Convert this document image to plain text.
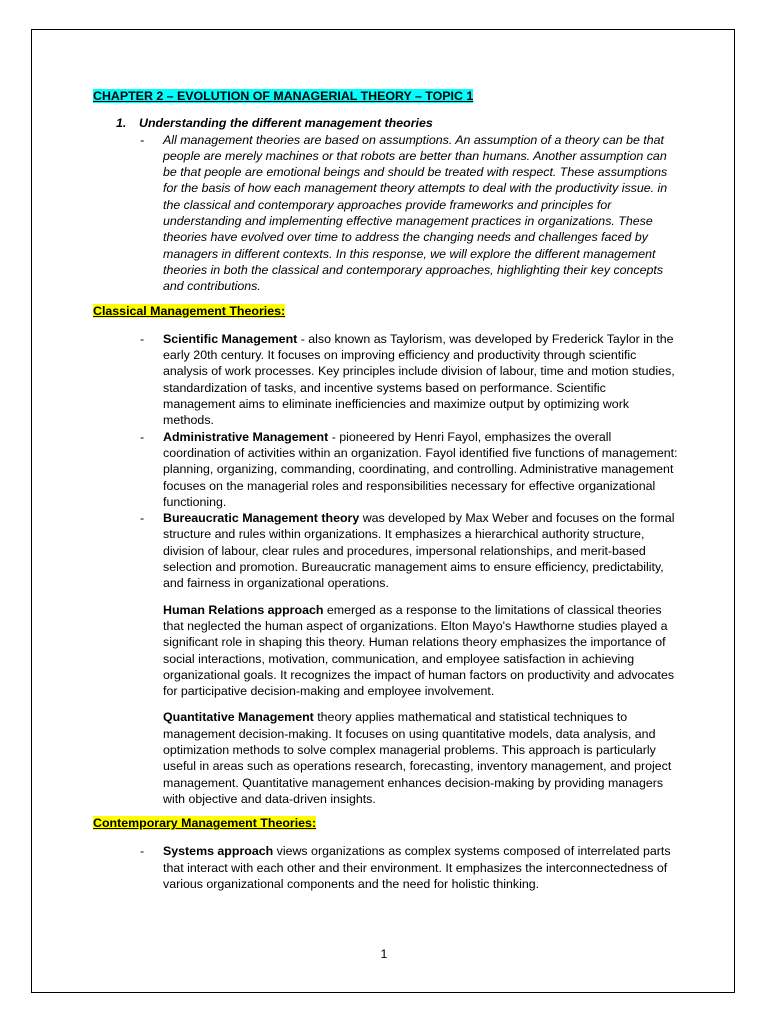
CHAPTER 2 – EVOLUTION OF MANAGERIAL THEORY – TOPIC 1
1. Understanding the different management theories
- All management theories are based on assumptions. An assumption of a theory can be that people are merely machines or that robots are better than humans. Another assumption can be that people are emotional beings and should be treated with respect. These assumptions for the basis of how each management theory attempts to deal with the productivity issue. in the classical and contemporary approaches provide frameworks and principles for understanding and implementing effective management practices in organizations. These theories have evolved over time to address the changing needs and challenges faced by managers in different contexts. In this response, we will explore the different management theories in both the classical and contemporary approaches, highlighting their key concepts and contributions.
Classical Management Theories:
- Scientific Management - also known as Taylorism, was developed by Frederick Taylor in the early 20th century. It focuses on improving efficiency and productivity through scientific analysis of work processes. Key principles include division of labour, time and motion studies, standardization of tasks, and incentive systems based on performance. Scientific management aims to eliminate inefficiencies and maximize output by optimizing work methods.
- Administrative Management - pioneered by Henri Fayol, emphasizes the overall coordination of activities within an organization. Fayol identified five functions of management: planning, organizing, commanding, coordinating, and controlling. Administrative management focuses on the managerial roles and responsibilities necessary for effective organizational functioning.
- Bureaucratic Management theory was developed by Max Weber and focuses on the formal structure and rules within organizations. It emphasizes a hierarchical authority structure, division of labour, clear rules and procedures, impersonal relationships, and merit-based selection and promotion. Bureaucratic management aims to ensure efficiency, predictability, and fairness in organizational operations.
Human Relations approach emerged as a response to the limitations of classical theories that neglected the human aspect of organizations. Elton Mayo's Hawthorne studies played a significant role in shaping this theory. Human relations theory emphasizes the importance of social interactions, motivation, communication, and employee satisfaction in achieving organizational goals. It recognizes the impact of human factors on productivity and advocates for participative decision-making and employee involvement.
Quantitative Management theory applies mathematical and statistical techniques to management decision-making. It focuses on using quantitative models, data analysis, and optimization methods to solve complex managerial problems. This approach is particularly useful in areas such as operations research, forecasting, inventory management, and project management. Quantitative management enhances decision-making by providing managers with objective and data-driven insights.
Contemporary Management Theories:
- Systems approach views organizations as complex systems composed of interrelated parts that interact with each other and their environment. It emphasizes the interconnectedness of various organizational components and the need for holistic thinking.
1
